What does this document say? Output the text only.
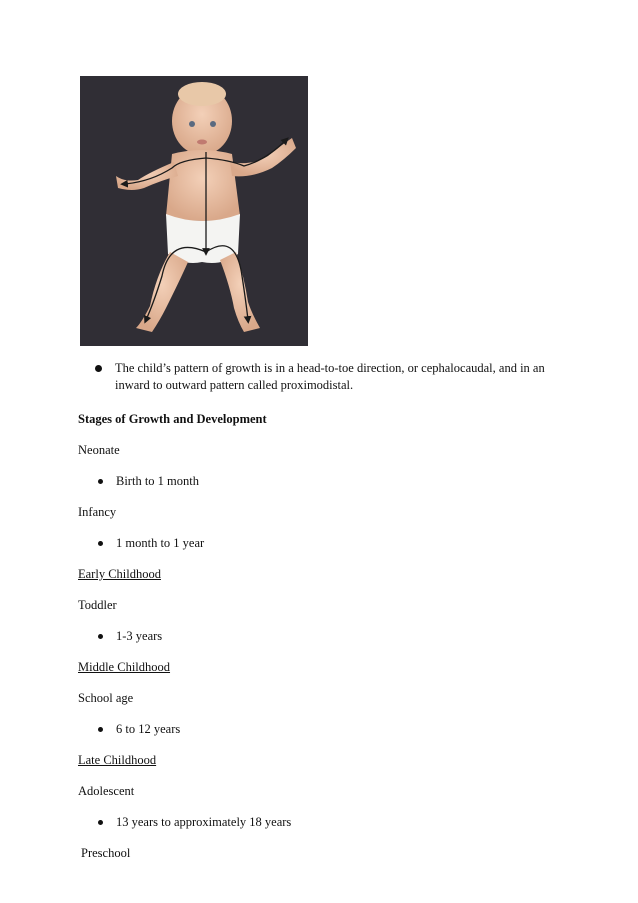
The child’s pattern of growth is in a head-to-toe direction, or cephalocaudal, and in an inward to outward pattern called proximodistal.
Stages of Growth and Development
Neonate
Birth to 1 month
Infancy
1 month to 1 year
Early Childhood
Toddler
1-3 years
Middle Childhood
School age
6 to 12 years
Late Childhood
Adolescent
13 years to approximately 18 years
Preschool
